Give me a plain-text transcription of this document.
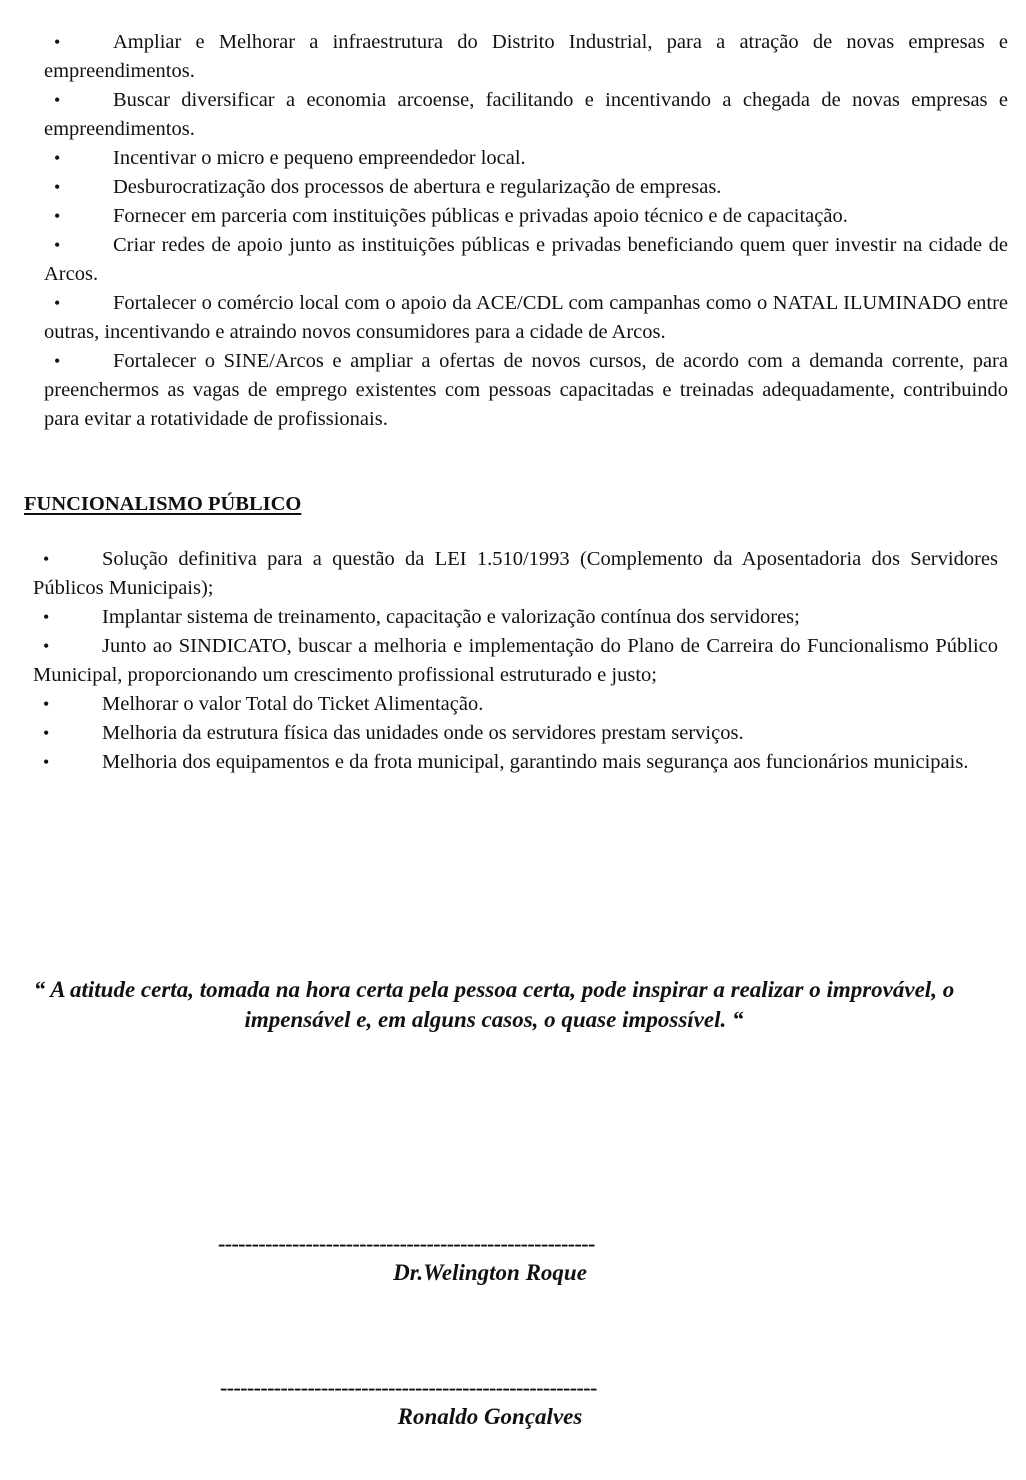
•	Ampliar e Melhorar a infraestrutura do Distrito Industrial, para a atração de novas empresas e empreendimentos.

•	Buscar diversificar a economia arcoense, facilitando e incentivando a chegada de novas empresas e empreendimentos.

•	Incentivar o micro e pequeno empreendedor local.

•	Desburocratização dos processos de abertura e regularização de empresas.

•	Fornecer em parceria com instituições públicas e privadas apoio técnico e de capacitação.

•	Criar redes de apoio junto as instituições públicas e privadas beneficiando quem quer investir na cidade de Arcos.

•	Fortalecer o comércio local com o apoio da ACE/CDL com campanhas como o NATAL ILUMINADO entre outras, incentivando e atraindo novos consumidores para a cidade de Arcos.

•	Fortalecer o SINE/Arcos e ampliar a ofertas de novos cursos, de acordo com a demanda corrente, para preenchermos as vagas de emprego existentes com pessoas capacitadas e treinadas adequadamente, contribuindo para evitar a rotatividade de profissionais.

FUNCIONALISMO PÚBLICO

•	Solução definitiva para a questão da LEI 1.510/1993 (Complemento da Aposentadoria dos Servidores Públicos Municipais);

•	Implantar sistema de treinamento, capacitação e valorização contínua dos servidores;

•	Junto ao SINDICATO, buscar a melhoria e implementação do Plano de Carreira do Funcionalismo Público Municipal, proporcionando um crescimento profissional estruturado e justo;

•	Melhorar o valor Total do Ticket Alimentação.

•	Melhoria da estrutura física das unidades onde os servidores prestam serviços.

•	Melhoria dos equipamentos e da frota municipal, garantindo mais segurança aos funcionários municipais.

“ A atitude certa, tomada na hora certa pela pessoa certa, pode inspirar a realizar o improvável, o impensável e, em alguns casos, o quase impossível. “
--------------------------------------------------------
Dr.Welington Roque
--------------------------------------------------------
Ronaldo Gonçalves
